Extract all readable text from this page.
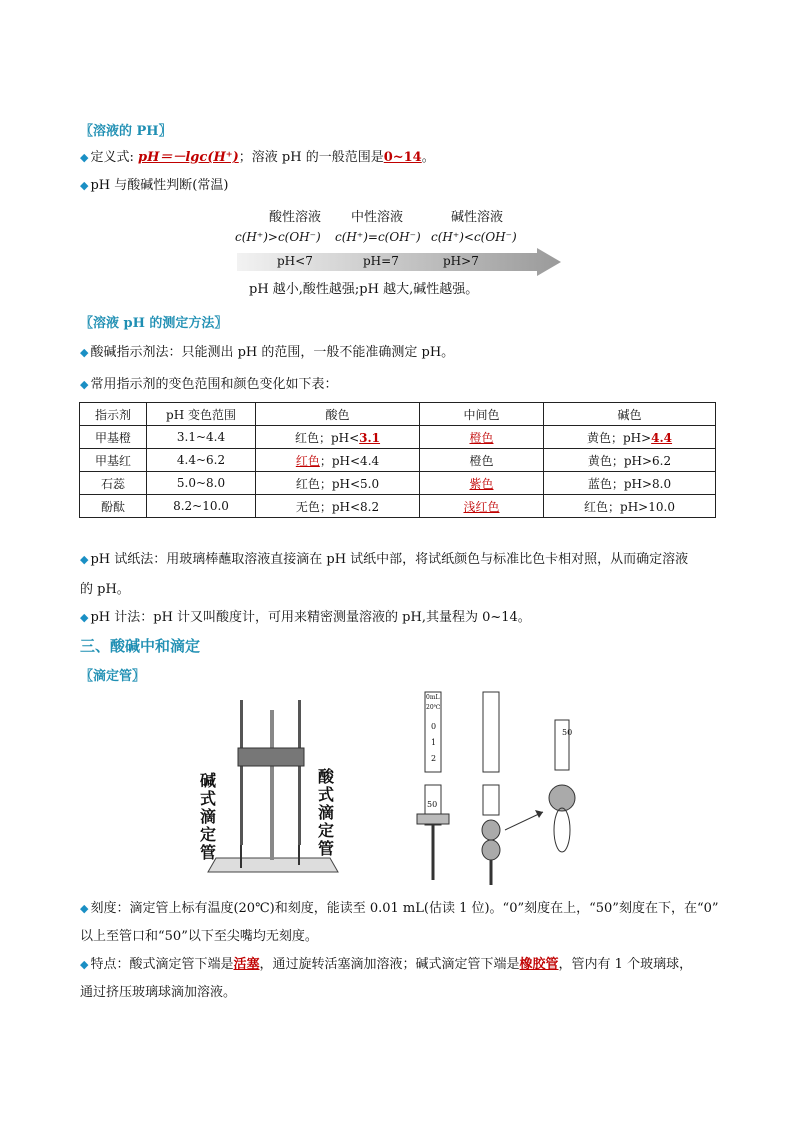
〖溶液的 PH〗
◆ 定义式: pH＝－lgc(H⁺)；溶液 pH 的一般范围是0~14。
◆ pH 与酸碱性判断(常温)
酸性溶液 中性溶液	碱性溶液
c(H⁺)>c(OH⁻) c(H⁺)=c(OH⁻) c(H⁺)<c(OH⁻)
pH<7	pH=7	pH>7
pH 越小,酸性越强;pH 越大,碱性越强。
〖溶液 pH 的测定方法〗
◆ 酸碱指示剂法：只能测出 pH 的范围，一般不能准确测定 pH。
◆ 常用指示剂的变色范围和颜色变化如下表：
指示剂	pH 变色范围	酸色	中间色	碱色
甲基橙	3.1~4.4	红色；pH<3.1	橙色	黄色；pH>4.4
甲基红	4.4~6.2	红色；pH<4.4	橙色	黄色；pH>6.2
石蕊	5.0~8.0	红色；pH<5.0	紫色	蓝色；pH>8.0
酚酞	8.2~10.0	无色；pH<8.2	浅红色	红色；pH>10.0
◆ pH 试纸法：用玻璃棒蘸取溶液直接滴在 pH 试纸中部，将试纸颜色与标准比色卡相对照，从而确定溶液
的 pH。
◆ pH 计法：pH 计又叫酸度计，可用来精密测量溶液的 pH,其量程为 0~14。
三、酸碱中和滴定
〖滴定管〗
碱式滴定管
酸式滴定管
0mL
20℃
0
1
2
50
50
◆ 刻度：滴定管上标有温度(20℃)和刻度，能读至 0.01 mL(估读 1 位)。“0”刻度在上，“50”刻度在下，在“0”
以上至管口和“50”以下至尖嘴均无刻度。
◆ 特点：酸式滴定管下端是活塞，通过旋转活塞滴加溶液；碱式滴定管下端是橡胶管，管内有 1 个玻璃球，
通过挤压玻璃球滴加溶液。
